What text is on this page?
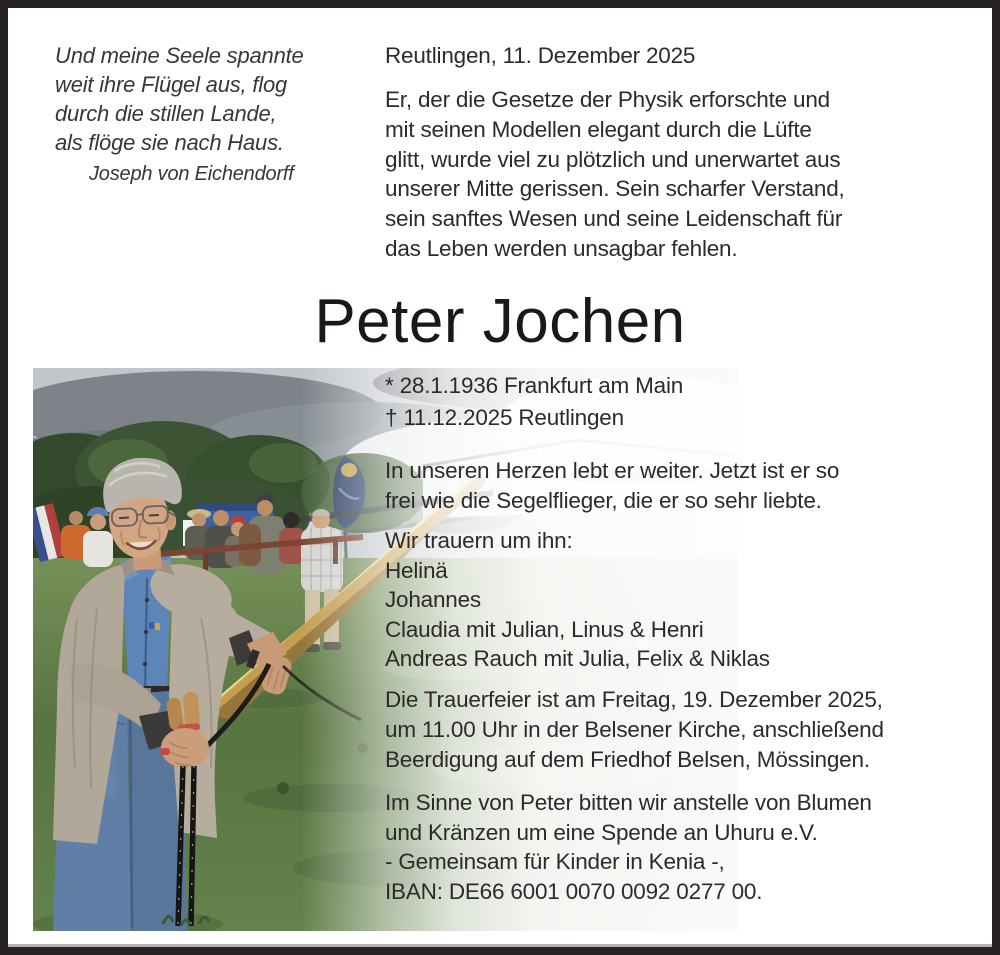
Und meine Seele spannte
weit ihre Flügel aus, flog
durch die stillen Lande,
als flöge sie nach Haus.
Joseph von Eichendorff
Reutlingen, 11. Dezember 2025
Er, der die Gesetze der Physik erforschte und
mit seinen Modellen elegant durch die Lüfte
glitt, wurde viel zu plötzlich und unerwartet aus
unserer Mitte gerissen. Sein scharfer Verstand,
sein sanftes Wesen und seine Leidenschaft für
das Leben werden unsagbar fehlen.
Peter Jochen
* 28.1.1936 Frankfurt am Main
† 11.12.2025 Reutlingen
In unseren Herzen lebt er weiter. Jetzt ist er so
frei wie die Segelflieger, die er so sehr liebte.
Wir trauern um ihn:
Helinä
Johannes
Claudia mit Julian, Linus & Henri
Andreas Rauch mit Julia, Felix & Niklas
Die Trauerfeier ist am Freitag, 19. Dezember 2025,
um 11.00 Uhr in der Belsener Kirche, anschließend
Beerdigung auf dem Friedhof Belsen, Mössingen.
Im Sinne von Peter bitten wir anstelle von Blumen
und Kränzen um eine Spende an Uhuru e.V.
- Gemeinsam für Kinder in Kenia -,
IBAN: DE66 6001 0070 0092 0277 00.
